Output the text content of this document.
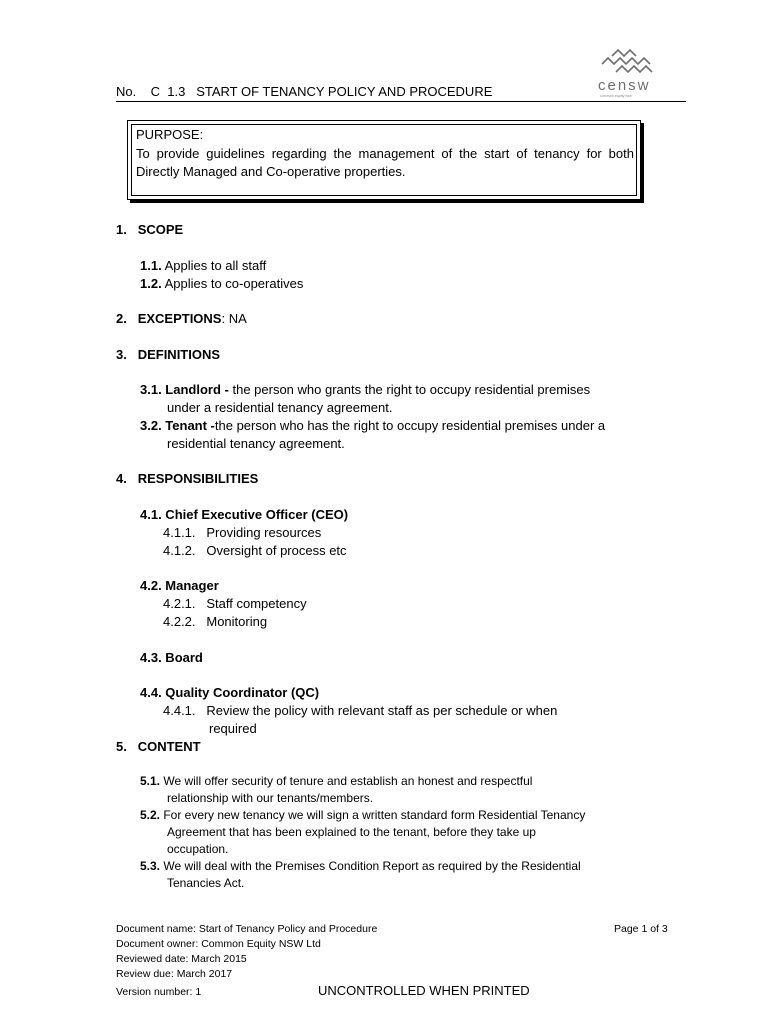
No.    C  1.3   START OF TENANCY POLICY AND PROCEDURE	censw
common equity nsw
PURPOSE:
To provide guidelines regarding the management of the start of tenancy for both Directly Managed and Co-operative properties.
1. SCOPE
1.1. Applies to all staff
1.2. Applies to co-operatives
2. EXCEPTIONS: NA
3. DEFINITIONS
3.1. Landlord - the person who grants the right to occupy residential premises
under a residential tenancy agreement.
3.2. Tenant -the person who has the right to occupy residential premises under a
residential tenancy agreement.
4. RESPONSIBILITIES
4.1. Chief Executive Officer (CEO)
4.1.1. Providing resources
4.1.2. Oversight of process etc
4.2. Manager
4.2.1. Staff competency
4.2.2. Monitoring
4.3. Board
4.4. Quality Coordinator (QC)
4.4.1. Review the policy with relevant staff as per schedule or when
required
5. CONTENT
5.1. We will offer security of tenure and establish an honest and respectful
relationship with our tenants/members.
5.2. For every new tenancy we will sign a written standard form Residential Tenancy
Agreement that has been explained to the tenant, before they take up
occupation.
5.3. We will deal with the Premises Condition Report as required by the Residential
Tenancies Act.
Document name: Start of Tenancy Policy and Procedure
Document owner: Common Equity NSW Ltd
Reviewed date: March 2015
Review due: March 2017
Version number: 1
Page 1 of 3
UNCONTROLLED WHEN PRINTED
